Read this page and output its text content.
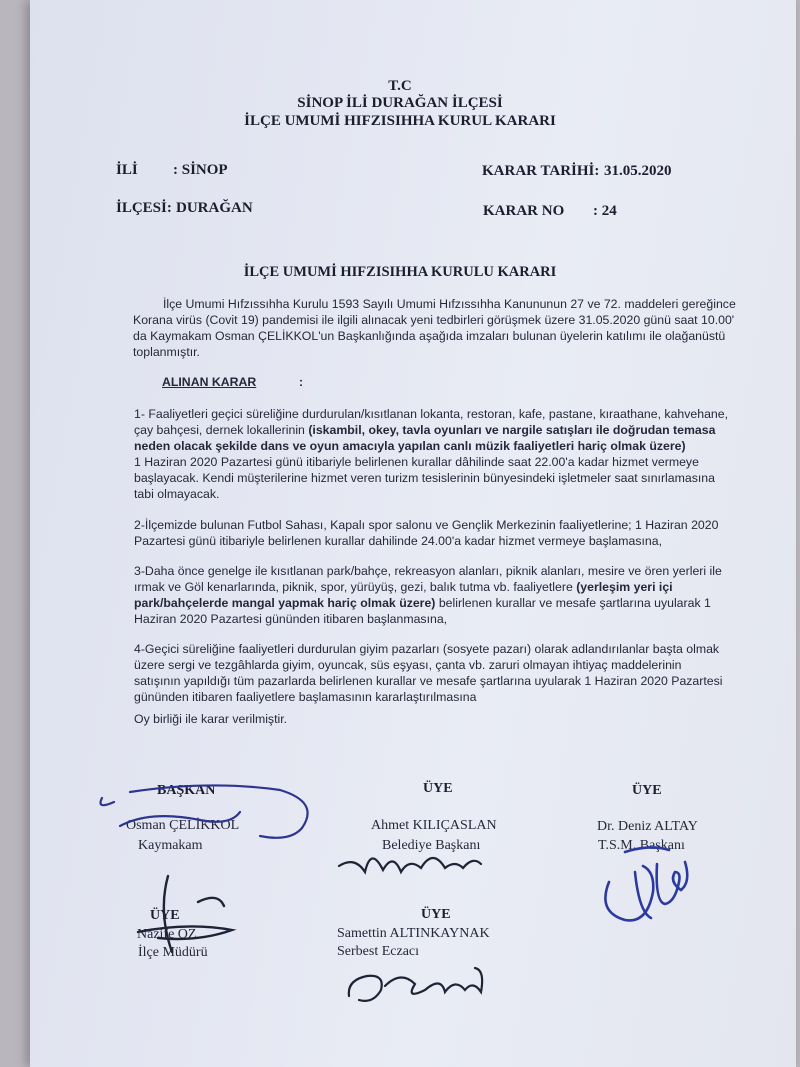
T.C
SİNOP İLİ DURAĞAN İLÇESİ
İLÇE UMUMİ HIFZISIHHA KURUL KARARI
İLİ : SİNOP
İLÇESİ: DURAĞAN
KARAR TARİHİ: 31.05.2020
KARAR NO : 24
İLÇE UMUMİ HIFZISIHHA KURULU KARARI
İlçe Umumi Hıfzıssıhha Kurulu 1593 Sayılı Umumi Hıfzıssıhha Kanununun 27 ve 72. maddeleri gereğince
Korana virüs (Covit 19) pandemisi ile ilgili alınacak yeni tedbirleri görüşmek üzere 31.05.2020 günü saat 10.00'
da Kaymakam Osman ÇELİKKOL'un Başkanlığında aşağıda imzaları bulunan üyelerin katılımı ile olağanüstü
toplanmıştır.
ALINAN KARAR	:
1- Faaliyetleri geçici süreliğine durdurulan/kısıtlanan lokanta, restoran, kafe, pastane, kıraathane, kahvehane,
çay bahçesi, dernek lokallerinin (iskambil, okey, tavla oyunları ve nargile satışları ile doğrudan temasa
neden olacak şekilde dans ve oyun amacıyla yapılan canlı müzik faaliyetleri hariç olmak üzere)
1 Haziran 2020 Pazartesi günü itibariyle belirlenen kurallar dâhilinde saat 22.00'a kadar hizmet vermeye
başlayacak. Kendi müşterilerine hizmet veren turizm tesislerinin bünyesindeki işletmeler saat sınırlamasına
tabi olmayacak.
2-İlçemizde bulunan Futbol Sahası, Kapalı spor salonu ve Gençlik Merkezinin faaliyetlerine; 1 Haziran 2020
Pazartesi günü itibariyle belirlenen kurallar dahilinde 24.00'a kadar hizmet vermeye başlamasına,
3-Daha önce genelge ile kısıtlanan park/bahçe, rekreasyon alanları, piknik alanları, mesire ve ören yerleri ile
ırmak ve Göl kenarlarında, piknik, spor, yürüyüş, gezi, balık tutma vb. faaliyetlere (yerleşim yeri içi
park/bahçelerde mangal yapmak hariç olmak üzere) belirlenen kurallar ve mesafe şartlarına uyularak 1
Haziran 2020 Pazartesi gününden itibaren başlanmasına,
4-Geçici süreliğine faaliyetleri durdurulan giyim pazarları (sosyete pazarı) olarak adlandırılanlar başta olmak
üzere sergi ve tezgâhlarda giyim, oyuncak, süs eşyası, çanta vb. zaruri olmayan ihtiyaç maddelerinin
satışının yapıldığı tüm pazarlarda belirlenen kurallar ve mesafe şartlarına uyularak 1 Haziran 2020 Pazartesi
gününden itibaren faaliyetlere başlamasının kararlaştırılmasına
Oy birliği ile karar verilmiştir.
BAŞKAN
Osman ÇELİKKOL
Kaymakam
ÜYE
Ahmet KILIÇASLAN
Belediye Başkanı
ÜYE
Dr. Deniz ALTAY
T.S.M. Başkanı
ÜYE
Nazife ÖZ
İlçe Müdürü
ÜYE
Samettin ALTINKAYNAK
Serbest Eczacı
